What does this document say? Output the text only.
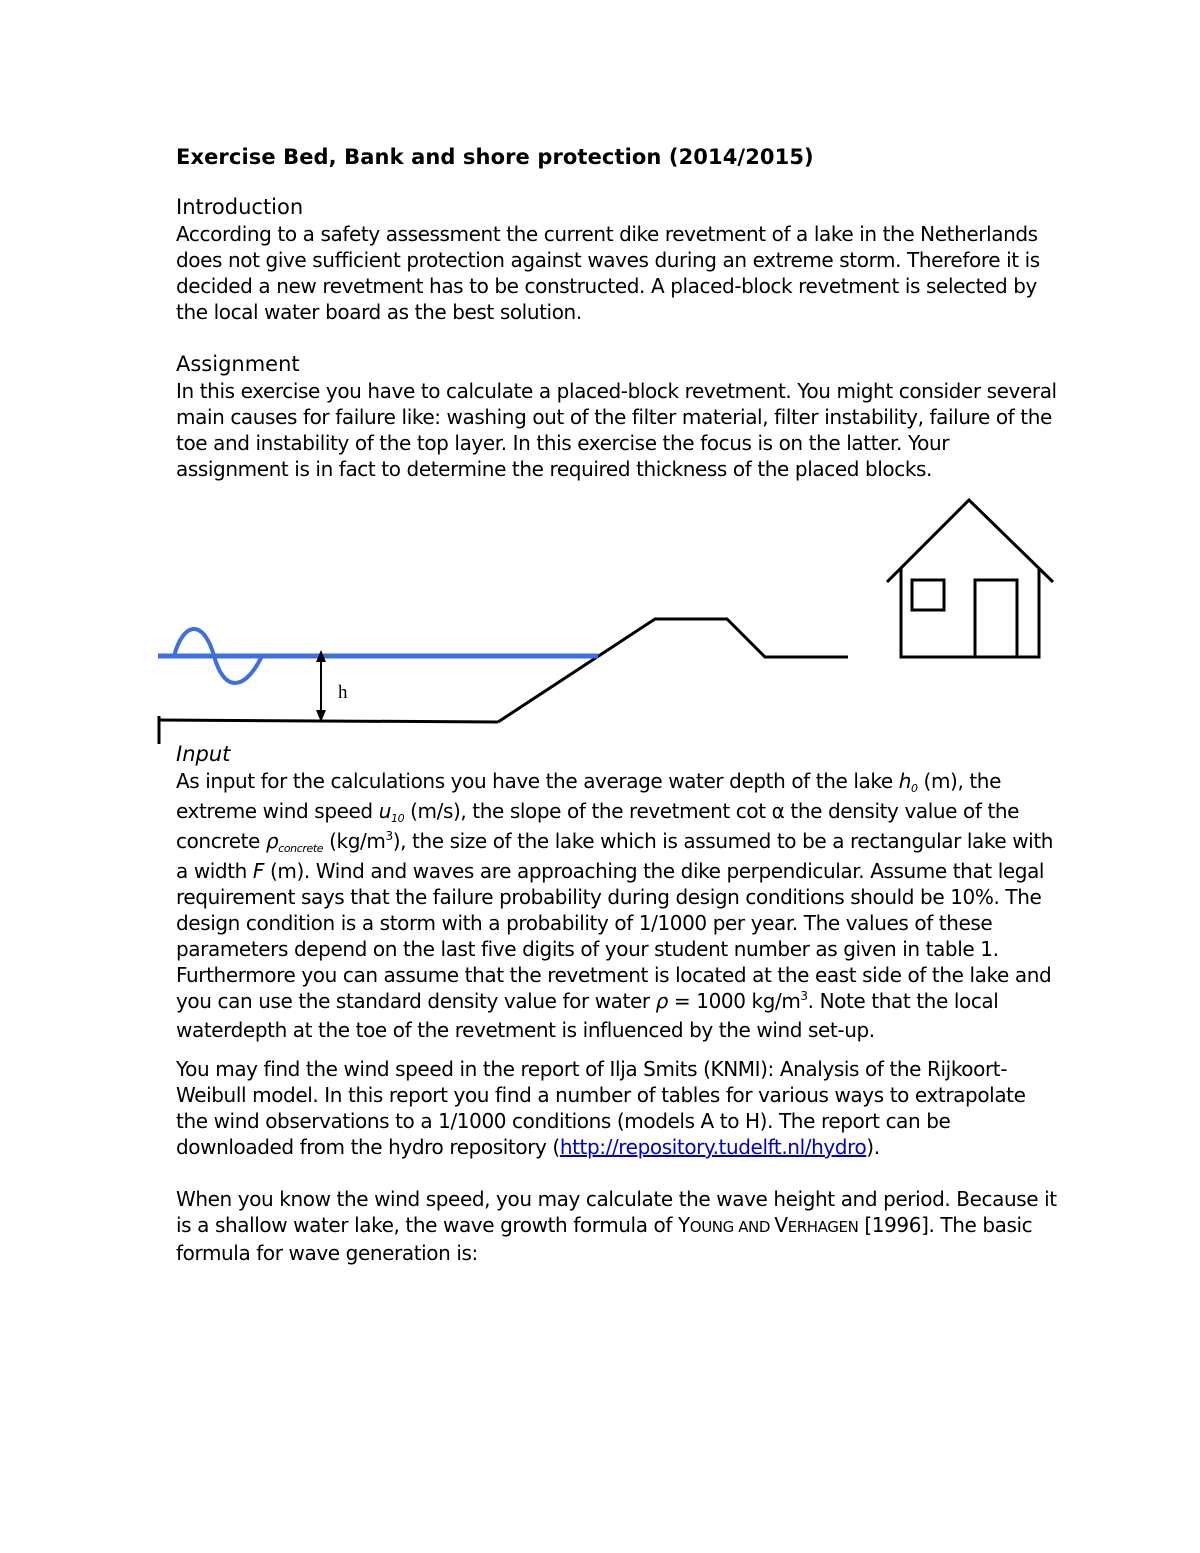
Exercise Bed, Bank and shore protection (2014/2015)
Introduction

According to a safety assessment the current dike revetment of a lake in the Netherlands does not give sufficient protection against waves during an extreme storm. Therefore it is decided a new revetment has to be constructed. A placed-block revetment is selected by the local water board as the best solution.

Assignment

In this exercise you have to calculate a placed-block revetment. You might consider several main causes for failure like: washing out of the filter material, filter instability, failure of the toe and instability of the top layer. In this exercise the focus is on the latter. Your assignment is in fact to determine the required thickness of the placed blocks.

h
Input
As input for the calculations you have the average water depth of the lake $h_0$ (m), the extreme wind speed $u_{10}$ (m/s), the slope of the revetment cot α the density value of the concrete $\rho_{concrete}$ $(kg/m^3)$, the size of the lake which is assumed to be a rectangular lake with a width F (m). Wind and waves are approaching the dike perpendicular. Assume that legal requirement says that the failure probability during design conditions should be 10%. The design condition is a storm with a probability of 1/1000 per year. The values of these parameters depend on the last five digits of your student number as given in table 1. Furthermore you can assume that the revetment is located at the east side of the lake and you can use the standard density value for water ρ = 1000 $kg/m^3$. Note that the local waterdepth at the toe of the revetment is influenced by the wind set-up.
You may find the wind speed in the report of Ilja Smits (KNMI): Analysis of the Rijkoort-Weibull model. In this report you find a number of tables for various ways to extrapolate the wind observations to a 1/1000 conditions (models A to H). The report can be downloaded from the hydro repository (http://repository.tudelft.nl/hydro).
When you know the wind speed, you may calculate the wave height and period. Because it is a shallow water lake, the wave growth formula of YOUNG AND VERHAGEN [1996]. The basic formula for wave generation is:
